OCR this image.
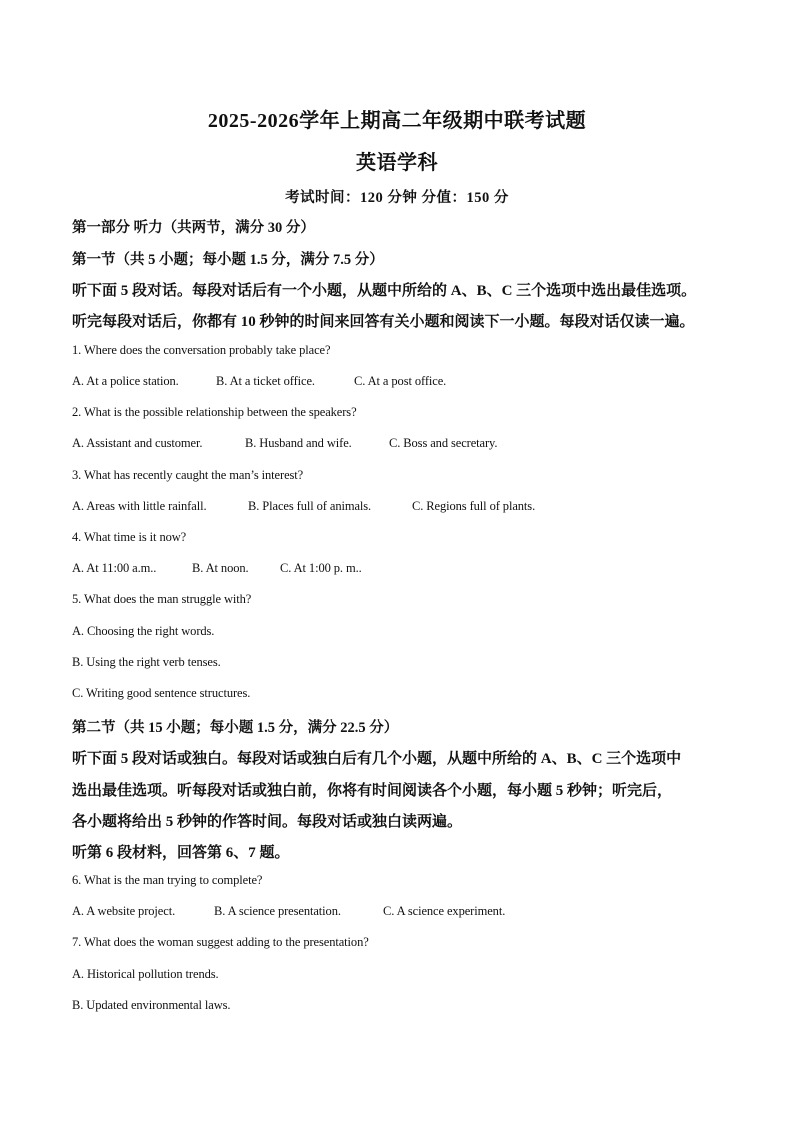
2025-2026学年上期高二年级期中联考试题
英语学科
考试时间：120 分钟 分值：150 分
第一部分 听力（共两节，满分 30 分）
第一节（共 5 小题；每小题 1.5 分，满分 7.5 分）
听下面 5 段对话。每段对话后有一个小题，从题中所给的 A、B、C 三个选项中选出最佳选项。
听完每段对话后，你都有 10 秒钟的时间来回答有关小题和阅读下一小题。每段对话仅读一遍。
1. Where does the conversation probably take place?
A. At a police station.	B. At a ticket office.	C. At a post office.
2. What is the possible relationship between the speakers?
A. Assistant and customer.	B. Husband and wife.	C. Boss and secretary.
3. What has recently caught the man’s interest?
A. Areas with little rainfall.	B. Places full of animals.	C. Regions full of plants.
4. What time is it now?
A. At 11:00 a.m..	B. At noon.	C. At 1:00 p. m..
5. What does the man struggle with?
A. Choosing the right words.
B. Using the right verb tenses.
C. Writing good sentence structures.
第二节（共 15 小题；每小题 1.5 分，满分 22.5 分）
听下面 5 段对话或独白。每段对话或独白后有几个小题，从题中所给的 A、B、C 三个选项中
选出最佳选项。听每段对话或独白前，你将有时间阅读各个小题，每小题 5 秒钟；听完后，
各小题将给出 5 秒钟的作答时间。每段对话或独白读两遍。
听第 6 段材料，回答第 6、7 题。
6. What is the man trying to complete?
A. A website project.	B. A science presentation.	C. A science experiment.
7. What does the woman suggest adding to the presentation?
A. Historical pollution trends.
B. Updated environmental laws.
